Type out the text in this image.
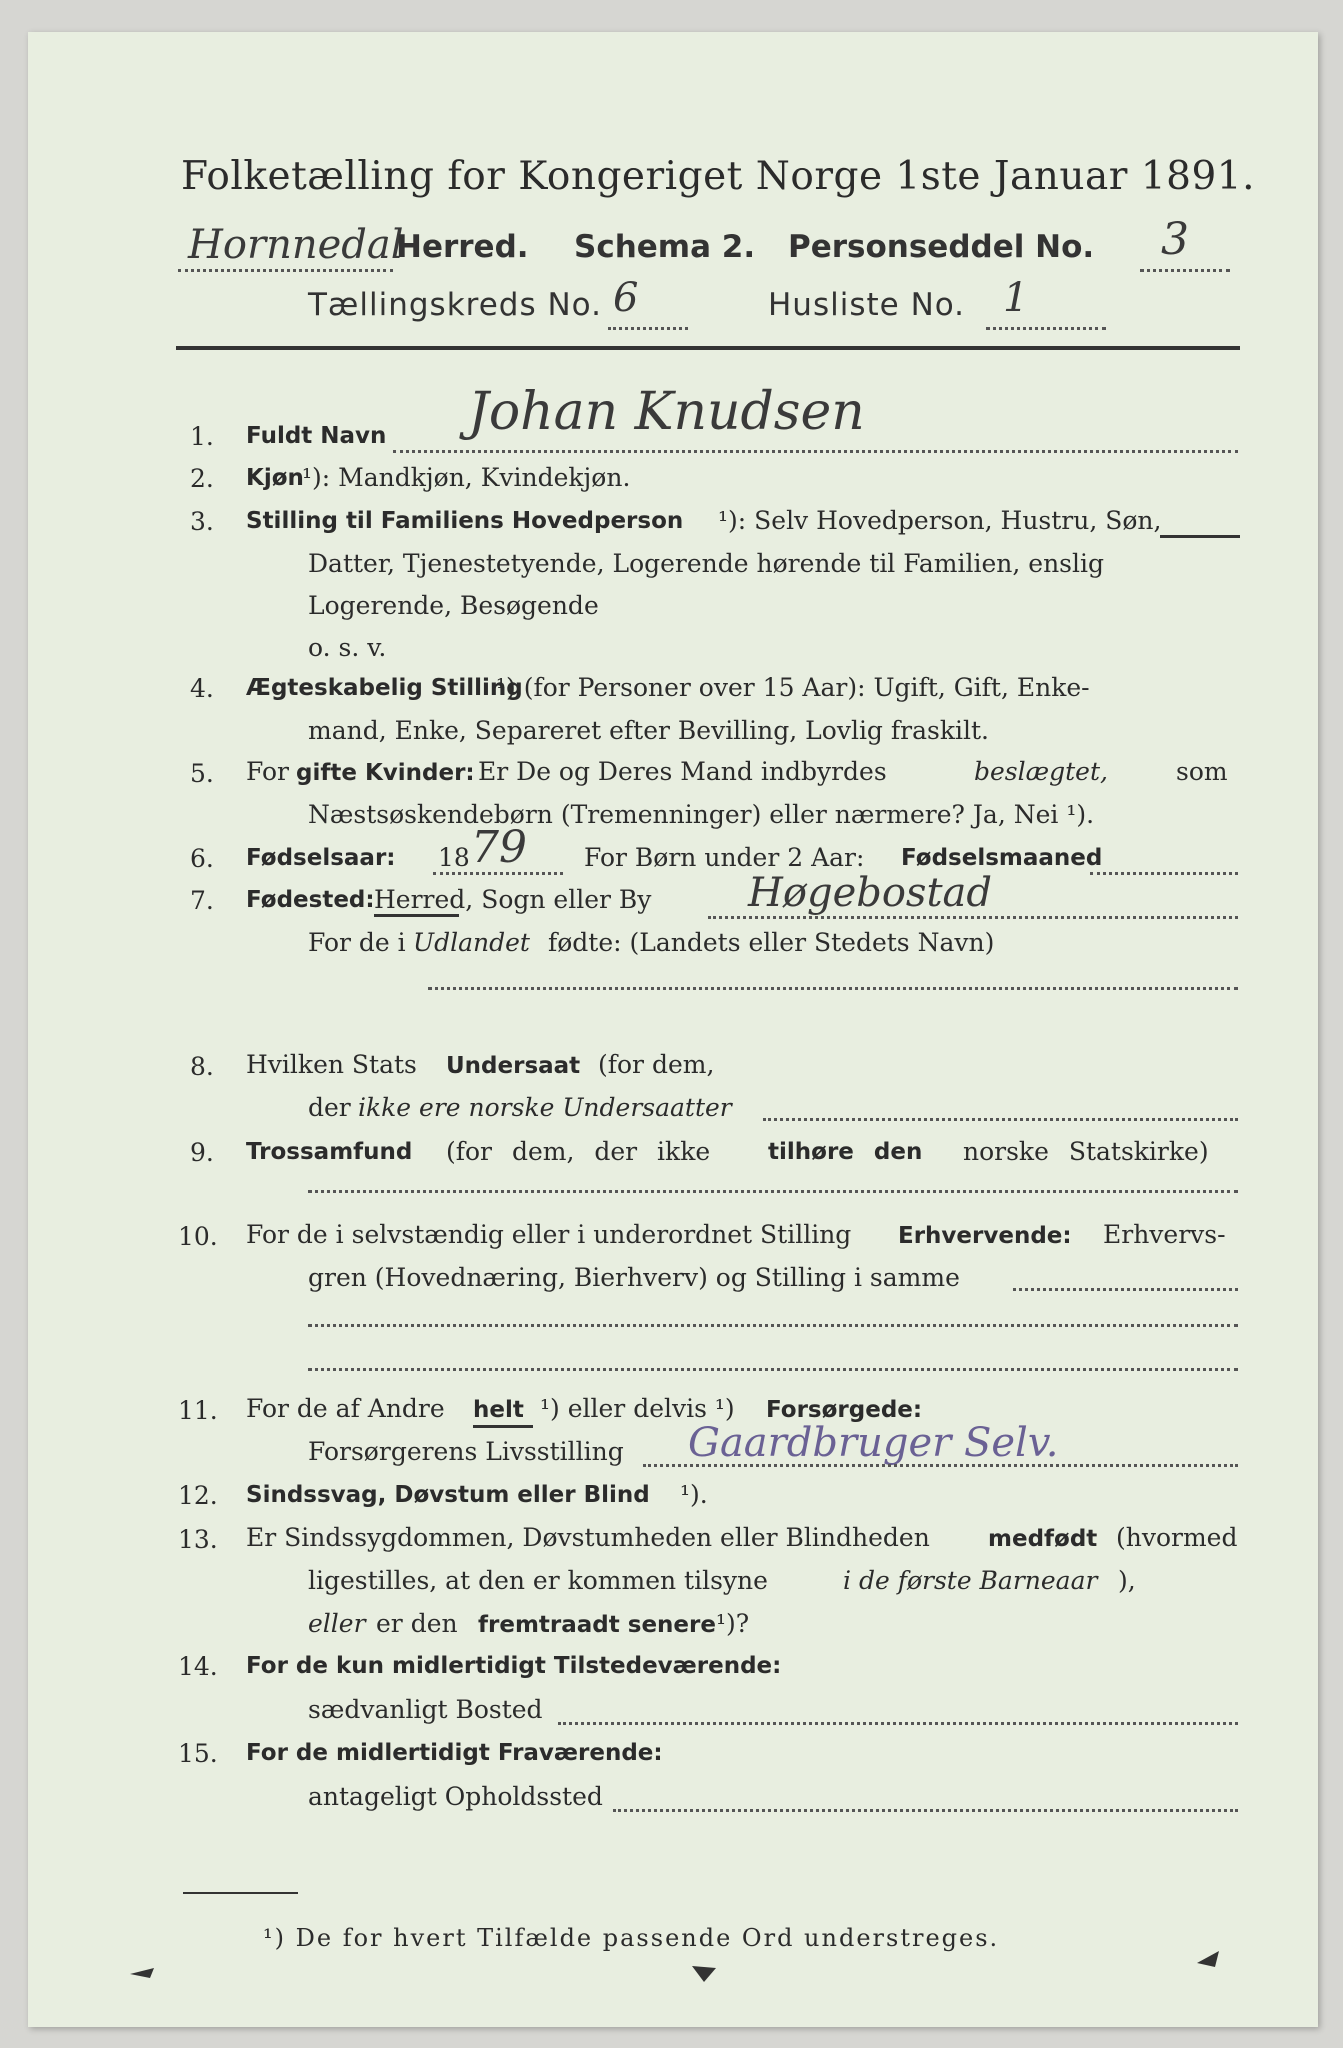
Folketælling for Kongeriget Norge 1ste Januar 1891.
Hornnedal
Herred. Schema 2. Personseddel No. 3
Tællingskreds No. 6	Husliste No. 1
1. Fuldt Navn Johan Knudsen
2. Kjøn
¹): Mandkjøn, Kvindekjøn.
3. Stilling til Familiens Hovedperson ¹): Selv Hovedperson, Hustru, Søn,
Datter, Tjenestetyende, Logerende hørende til Familien, enslig
Logerende, Besøgende
o. s. v.
4. Ægteskabelig Stilling
¹) (for Personer over 15 Aar): Ugift, Gift, Enke-
mand, Enke, Separeret efter Bevilling, Lovlig fraskilt.
5. For gifte Kvinder: Er De og Deres Mand indbyrdes	beslægtet,	som
Næstsøskendebørn (Tremenninger) eller nærmere? Ja, Nei ¹).
6. Fødselsaar: 18 79 For Børn under 2 Aar: Fødselsmaaned
7. Fødested: Herred, Sogn eller By Høgebostad
For de i Udlandet fødte: (Landets eller Stedets Navn)
8. Hvilken Stats Undersaat (for dem,
der ikke ere norske Undersaatter
9. Trossamfund (for dem, der ikke	tilhøre den norske Statskirke)
10. For de i selvstændig eller i underordnet Stilling Erhvervende: Erhvervs-
gren (Hovednæring, Bierhverv) og Stilling i samme
11. For de af Andre helt ¹) eller delvis ¹) Forsørgede:
Forsørgerens Livsstilling Gaardbruger Selv.
12. Sindssvag, Døvstum eller Blind ¹).
13. Er Sindssygdommen, Døvstumheden eller Blindheden	medfødt (hvormed
ligestilles, at den er kommen tilsyne	i de første Barneaar ),
eller er den fremtraadt senere ¹)?
14. For de kun midlertidigt Tilstedeværende:
sædvanligt Bosted
15. For de midlertidigt Fraværende:
antageligt Opholdssted
¹) De for hvert Tilfælde passende Ord understreges.
